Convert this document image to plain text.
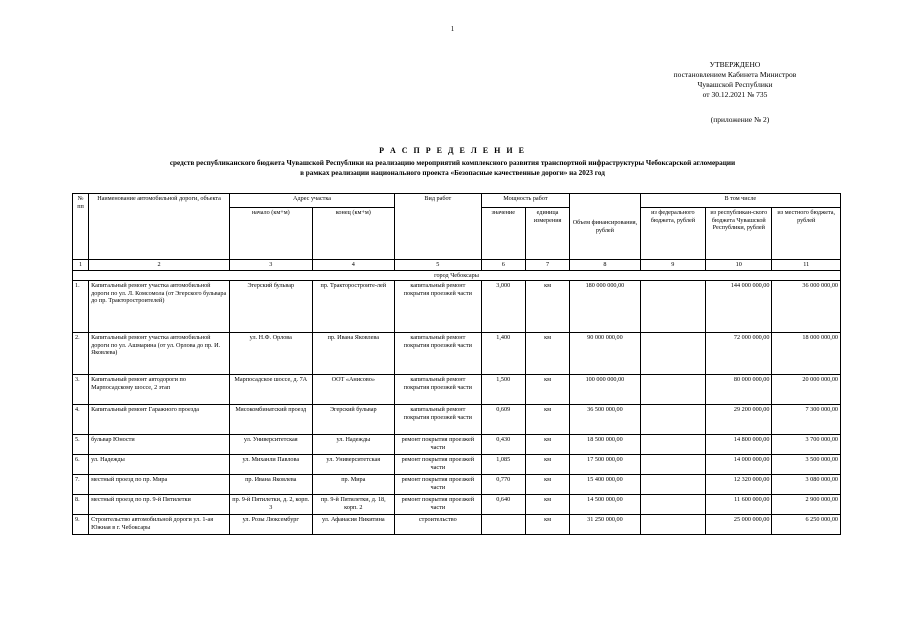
1
УТВЕРЖДЕНО
постановлением Кабинета Министров
Чувашской Республики
от 30.12.2021 № 735
(приложение № 2)
Р А С П Р Е Д Е Л Е Н И Е
средств республиканского бюджета Чувашской Республики на реализацию мероприятий комплексного развития транспортной инфраструктуры Чебоксарской агломерации
в рамках реализации национального проекта «Безопасные качественные дороги» на 2023 год
№ пп	Наименование автомобильной дороги, объекта	Адрес участка		Вид работ	Мощность работ		Объем финансирования, рублей	В том числе		
		начало (км+м)	конец (км+м)		значение	единица измерения		из федерального бюджета, рублей	из республикан-ского бюджета Чувашской Республики, рублей	из местного бюджета, рублей
1	2	3	4	5	6	7	8	9	10	11
город Чебоксары										
1.	Капитальный ремонт участка автомобильной дороги по ул. Л. Комсомола (от Эгерского бульвара до пр. Тракторостроителей)	Эгерский бульвар	пр. Тракторостроите-лей	капитальный ремонт покрытия проезжей части	3,000	км	180 000 000,00		144 000 000,00	36 000 000,00
2.	Капитальный ремонт участка автомобильной дороги по ул. Ашмарина (от ул. Орлова до пр. И. Яковлева)	ул. Н.Ф. Орлова	пр. Ивана Яковлева	капитальный ремонт покрытия проезжей части	1,400	км	90 000 000,00		72 000 000,00	18 000 000,00
3.	Капитальный ремонт автодороги по Марпосадскому шоссе, 2 этап	Марпосадское шоссе, д. 7А	ООТ «Анисово»	капитальный ремонт покрытия проезжей части	1,500	км	100 000 000,00		80 000 000,00	20 000 000,00
4.	Капитальный ремонт Гаражного проезда	Мясокомбинатский проезд	Эгерский бульвар	капитальный ремонт покрытия проезжей части	0,609	км	36 500 000,00		29 200 000,00	7 300 000,00
5.	бульвар Юности	ул. Университетская	ул. Надежды	ремонт покрытия проезжей части	0,430	км	18 500 000,00		14 800 000,00	3 700 000,00
6.	ул. Надежды	ул. Миханли Павлова	ул. Университетская	ремонт покрытия проезжей части	1,085	км	17 500 000,00		14 000 000,00	3 500 000,00
7.	местный проезд по пр. Мира	пр. Ивана Яковлева	пр. Мира	ремонт покрытия проезжей части	0,770	км	15 400 000,00		12 320 000,00	3 080 000,00
8.	местный проезд по пр. 9-й Пятилетки	пр. 9-й Пятилетки, д. 2, корп. 3	пр. 9-й Пятилетки, д. 18, корп. 2	ремонт покрытия проезжей части	0,640	км	14 500 000,00		11 600 000,00	2 900 000,00
9.	Строительство автомобильной дороги ул. 1-ая Южная в г. Чебоксары	ул. Розы Люксембург	ул. Афанасия Никитина	строительство		км	31 250 000,00		25 000 000,00	6 250 000,00
